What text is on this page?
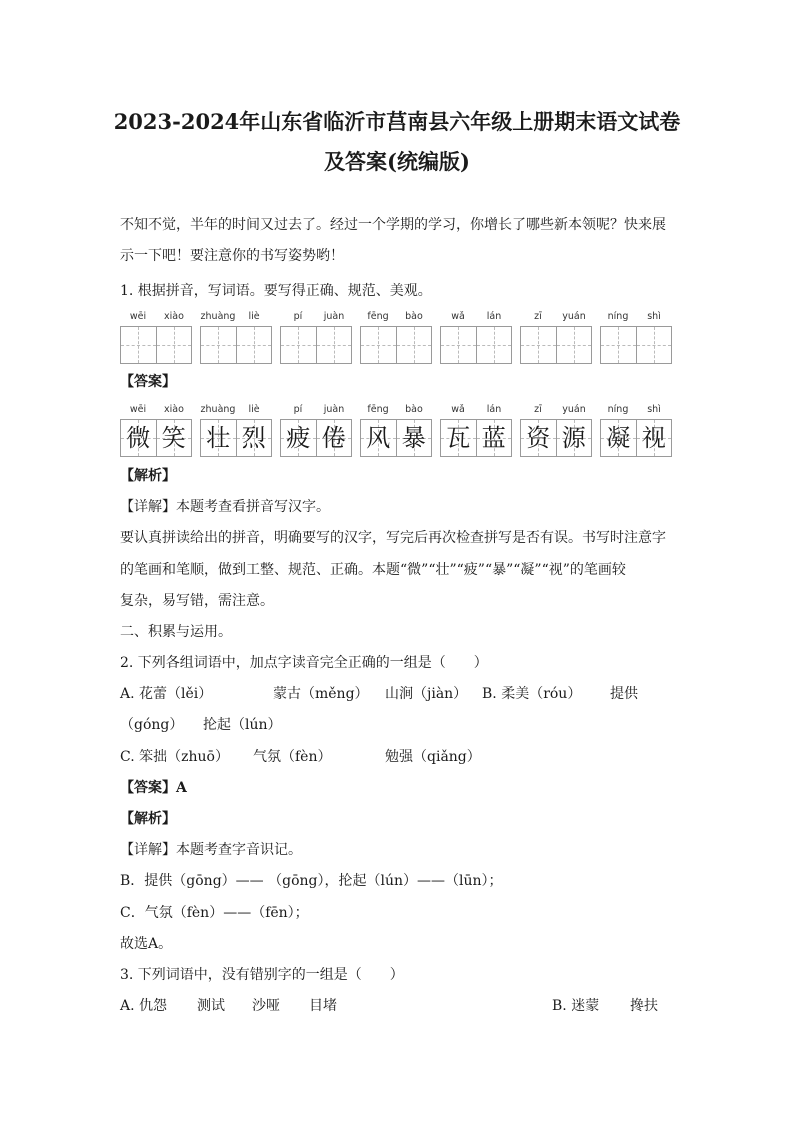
2023-2024年山东省临沂市莒南县六年级上册期末语文试卷
及答案(统编版)
不知不觉，半年的时间又过去了。经过一个学期的学习，你增长了哪些新本领呢？快来展
示一下吧！要注意你的书写姿势哟！
1. 根据拼音，写词语。要写得正确、规范、美观。
wēi	xiào	zhuàng	liè	pí	juàn	fēng	bào	wǎ	lán	zī	yuán	níng	shì
【答案】
wēi	xiào
微 笑
zhuàng	liè
壮 烈
pí	juàn
疲 倦
fēng	bào
风 暴
wǎ	lán
瓦 蓝
zī	yuán
资 源
níng	shì
凝 视
【解析】
【详解】本题考查看拼音写汉字。
要认真拼读给出的拼音，明确要写的汉字，写完后再次检查拼写是否有误。书写时注意字
的笔画和笔顺，做到工整、规范、正确。本题“微”“壮”“疲”“暴”“凝”“视”的笔画较
复杂，易写错，需注意。
二、积累与运用。
2. 下列各组词语中，加点字读音完全正确的一组是（　　）
A. 花蕾（lěi）	蒙古（měng） 山涧（jiàn） B. 柔美（róu） 提供
（góng） 抡起（lún）
C. 笨拙（zhuō） 气氛（fèn）	勉强（qiǎng）
【答案】A
【解析】
【详解】本题考查字音识记。
B．提供（gōng）—— （gōng），抡起（lún）——（lūn）；
C．气氛（fèn）——（fēn）；
故选A。
3. 下列词语中，没有错别字的一组是（　　）
A. 仇怨 测试 沙哑 目堵	B. 迷蒙 搀扶
